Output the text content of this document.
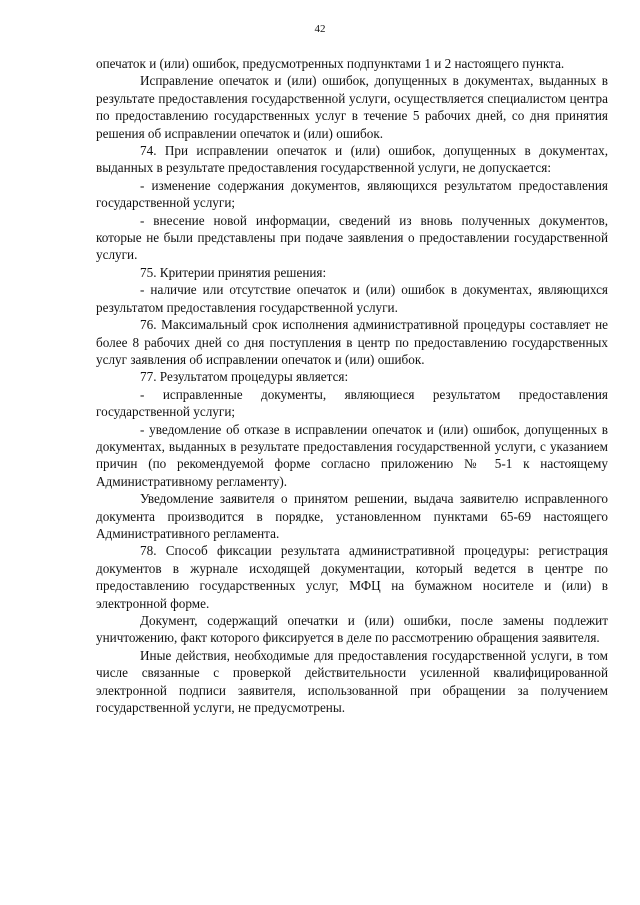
42

опечаток и (или) ошибок, предусмотренных подпунктами 1 и 2 настоящего пункта.

Исправление опечаток и (или) ошибок, допущенных в документах, выданных в результате предоставления государственной услуги, осуществляется специалистом центра по предоставлению государственных услуг в течение 5 рабочих дней, со дня принятия решения об исправлении опечаток и (или) ошибок.

74. При исправлении опечаток и (или) ошибок, допущенных в документах, выданных в результате предоставления государственной услуги, не допускается:

- изменение содержания документов, являющихся результатом предоставления государственной услуги;

- внесение новой информации, сведений из вновь полученных документов, которые не были представлены при подаче заявления о предоставлении государственной услуги.

75. Критерии принятия решения:

- наличие или отсутствие опечаток и (или) ошибок в документах, являющихся результатом предоставления государственной услуги.

76. Максимальный срок исполнения административной процедуры составляет не более 8 рабочих дней со дня поступления в центр по предоставлению государственных услуг заявления об исправлении опечаток и (или) ошибок.

77. Результатом процедуры является:

- исправленные документы, являющиеся результатом предоставления государственной услуги;

- уведомление об отказе в исправлении опечаток и (или) ошибок, допущенных в документах, выданных в результате предоставления государственной услуги, с указанием причин (по рекомендуемой форме согласно приложению № 5-1 к настоящему Административному регламенту).

Уведомление заявителя о принятом решении, выдача заявителю исправленного документа производится в порядке, установленном пунктами 65-69 настоящего Административного регламента.

78. Способ фиксации результата административной процедуры: регистрация документов в журнале исходящей документации, который ведется в центре по предоставлению государственных услуг, МФЦ на бумажном носителе и (или) в электронной форме.

Документ, содержащий опечатки и (или) ошибки, после замены подлежит уничтожению, факт которого фиксируется в деле по рассмотрению обращения заявителя.

Иные действия, необходимые для предоставления государственной услуги, в том числе связанные с проверкой действительности усиленной квалифицированной электронной подписи заявителя, использованной при обращении за получением государственной услуги, не предусмотрены.
